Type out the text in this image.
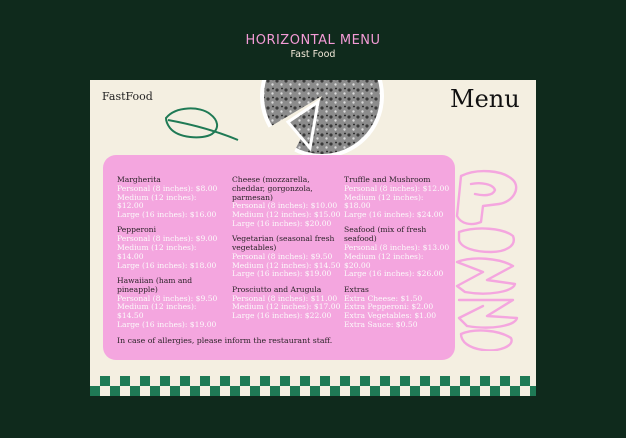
HORIZONTAL MENU
Fast Food
FastFood	Menu
Margherita
Personal (8 inches): $8.00
Medium (12 inches): $12.00
Large (16 inches): $16.00
Pepperoni
Personal (8 inches): $9.00
Medium (12 inches): $14.00
Large (16 inches): $18.00
Hawaiian (ham and pineapple)
Personal (8 inches): $9.50
Medium (12 inches): $14.50
Large (16 inches): $19.00
Cheese (mozzarella, cheddar, gorgonzola, parmesan)
Personal (8 inches): $10.00
Medium (12 inches): $15.00
Large (16 inches): $20.00
Vegetarian (seasonal fresh vegetables)
Personal (8 inches): $9.50
Medium (12 inches): $14.50
Large (16 inches): $19.00
Prosciutto and Arugula
Personal (8 inches): $11.00
Medium (12 inches): $17.00
Large (16 inches): $22.00
Truffle and Mushroom
Personal (8 inches): $12.00
Medium (12 inches): $18.00
Large (16 inches): $24.00
Seafood (mix of fresh seafood)
Personal (8 inches): $13.00
Medium (12 inches): $20.00
Large (16 inches): $26.00
Extras
Extra Cheese: $1.50
Extra Pepperoni: $2.00
Extra Vegetables: $1.00
Extra Sauce: $0.50
In case of allergies, please inform the restaurant staff.
